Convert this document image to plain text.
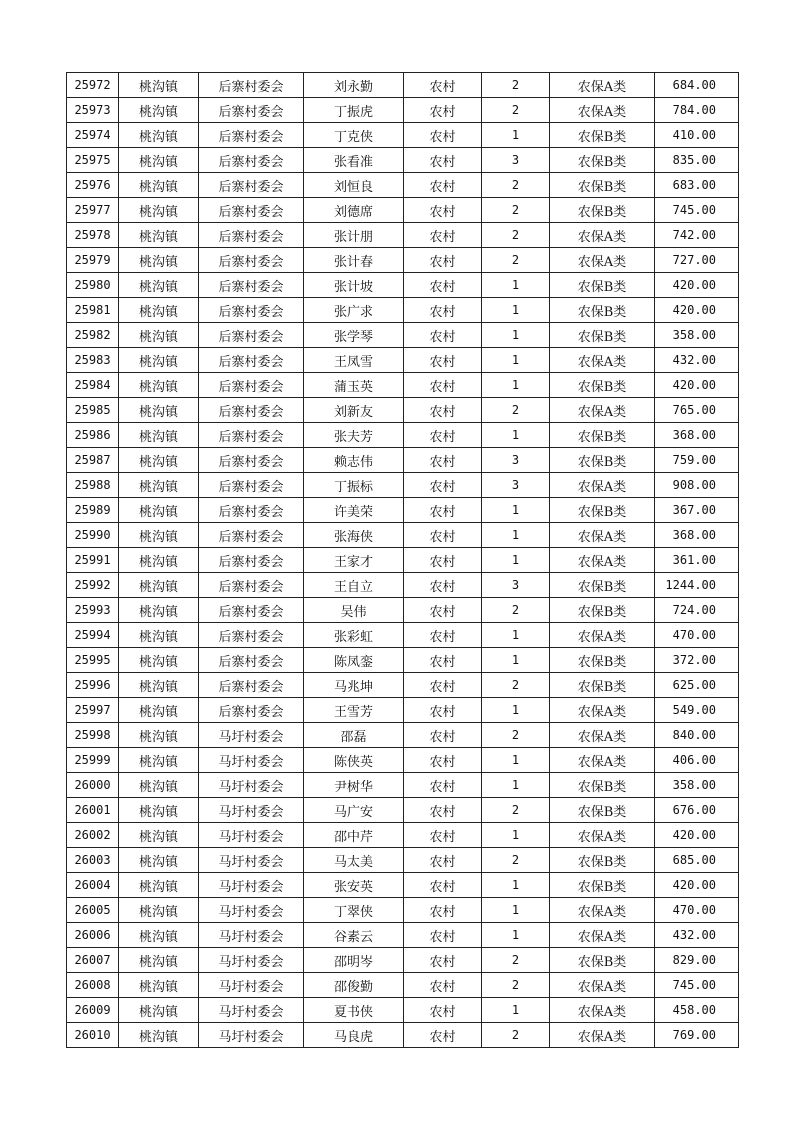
25972	桃沟镇	后寨村委会	刘永勤	农村	2	农保A类	684.00
25973	桃沟镇	后寨村委会	丁振虎	农村	2	农保A类	784.00
25974	桃沟镇	后寨村委会	丁克侠	农村	1	农保B类	410.00
25975	桃沟镇	后寨村委会	张看准	农村	3	农保B类	835.00
25976	桃沟镇	后寨村委会	刘恒良	农村	2	农保B类	683.00
25977	桃沟镇	后寨村委会	刘德席	农村	2	农保B类	745.00
25978	桃沟镇	后寨村委会	张计朋	农村	2	农保A类	742.00
25979	桃沟镇	后寨村委会	张计春	农村	2	农保A类	727.00
25980	桃沟镇	后寨村委会	张计坡	农村	1	农保B类	420.00
25981	桃沟镇	后寨村委会	张广求	农村	1	农保B类	420.00
25982	桃沟镇	后寨村委会	张学琴	农村	1	农保B类	358.00
25983	桃沟镇	后寨村委会	王凤雪	农村	1	农保A类	432.00
25984	桃沟镇	后寨村委会	蒲玉英	农村	1	农保B类	420.00
25985	桃沟镇	后寨村委会	刘新友	农村	2	农保A类	765.00
25986	桃沟镇	后寨村委会	张夫芳	农村	1	农保B类	368.00
25987	桃沟镇	后寨村委会	赖志伟	农村	3	农保B类	759.00
25988	桃沟镇	后寨村委会	丁振标	农村	3	农保A类	908.00
25989	桃沟镇	后寨村委会	许美荣	农村	1	农保B类	367.00
25990	桃沟镇	后寨村委会	张海侠	农村	1	农保A类	368.00
25991	桃沟镇	后寨村委会	王家才	农村	1	农保A类	361.00
25992	桃沟镇	后寨村委会	王自立	农村	3	农保B类	1244.00
25993	桃沟镇	后寨村委会	吴伟	农村	2	农保B类	724.00
25994	桃沟镇	后寨村委会	张彩虹	农村	1	农保A类	470.00
25995	桃沟镇	后寨村委会	陈凤銮	农村	1	农保B类	372.00
25996	桃沟镇	后寨村委会	马兆坤	农村	2	农保B类	625.00
25997	桃沟镇	后寨村委会	王雪芳	农村	1	农保A类	549.00
25998	桃沟镇	马圩村委会	邵磊	农村	2	农保A类	840.00
25999	桃沟镇	马圩村委会	陈侠英	农村	1	农保A类	406.00
26000	桃沟镇	马圩村委会	尹树华	农村	1	农保B类	358.00
26001	桃沟镇	马圩村委会	马广安	农村	2	农保B类	676.00
26002	桃沟镇	马圩村委会	邵中芹	农村	1	农保A类	420.00
26003	桃沟镇	马圩村委会	马太美	农村	2	农保B类	685.00
26004	桃沟镇	马圩村委会	张安英	农村	1	农保B类	420.00
26005	桃沟镇	马圩村委会	丁翠侠	农村	1	农保A类	470.00
26006	桃沟镇	马圩村委会	谷素云	农村	1	农保A类	432.00
26007	桃沟镇	马圩村委会	邵明岑	农村	2	农保B类	829.00
26008	桃沟镇	马圩村委会	邵俊勤	农村	2	农保A类	745.00
26009	桃沟镇	马圩村委会	夏书侠	农村	1	农保A类	458.00
26010	桃沟镇	马圩村委会	马良虎	农村	2	农保A类	769.00
